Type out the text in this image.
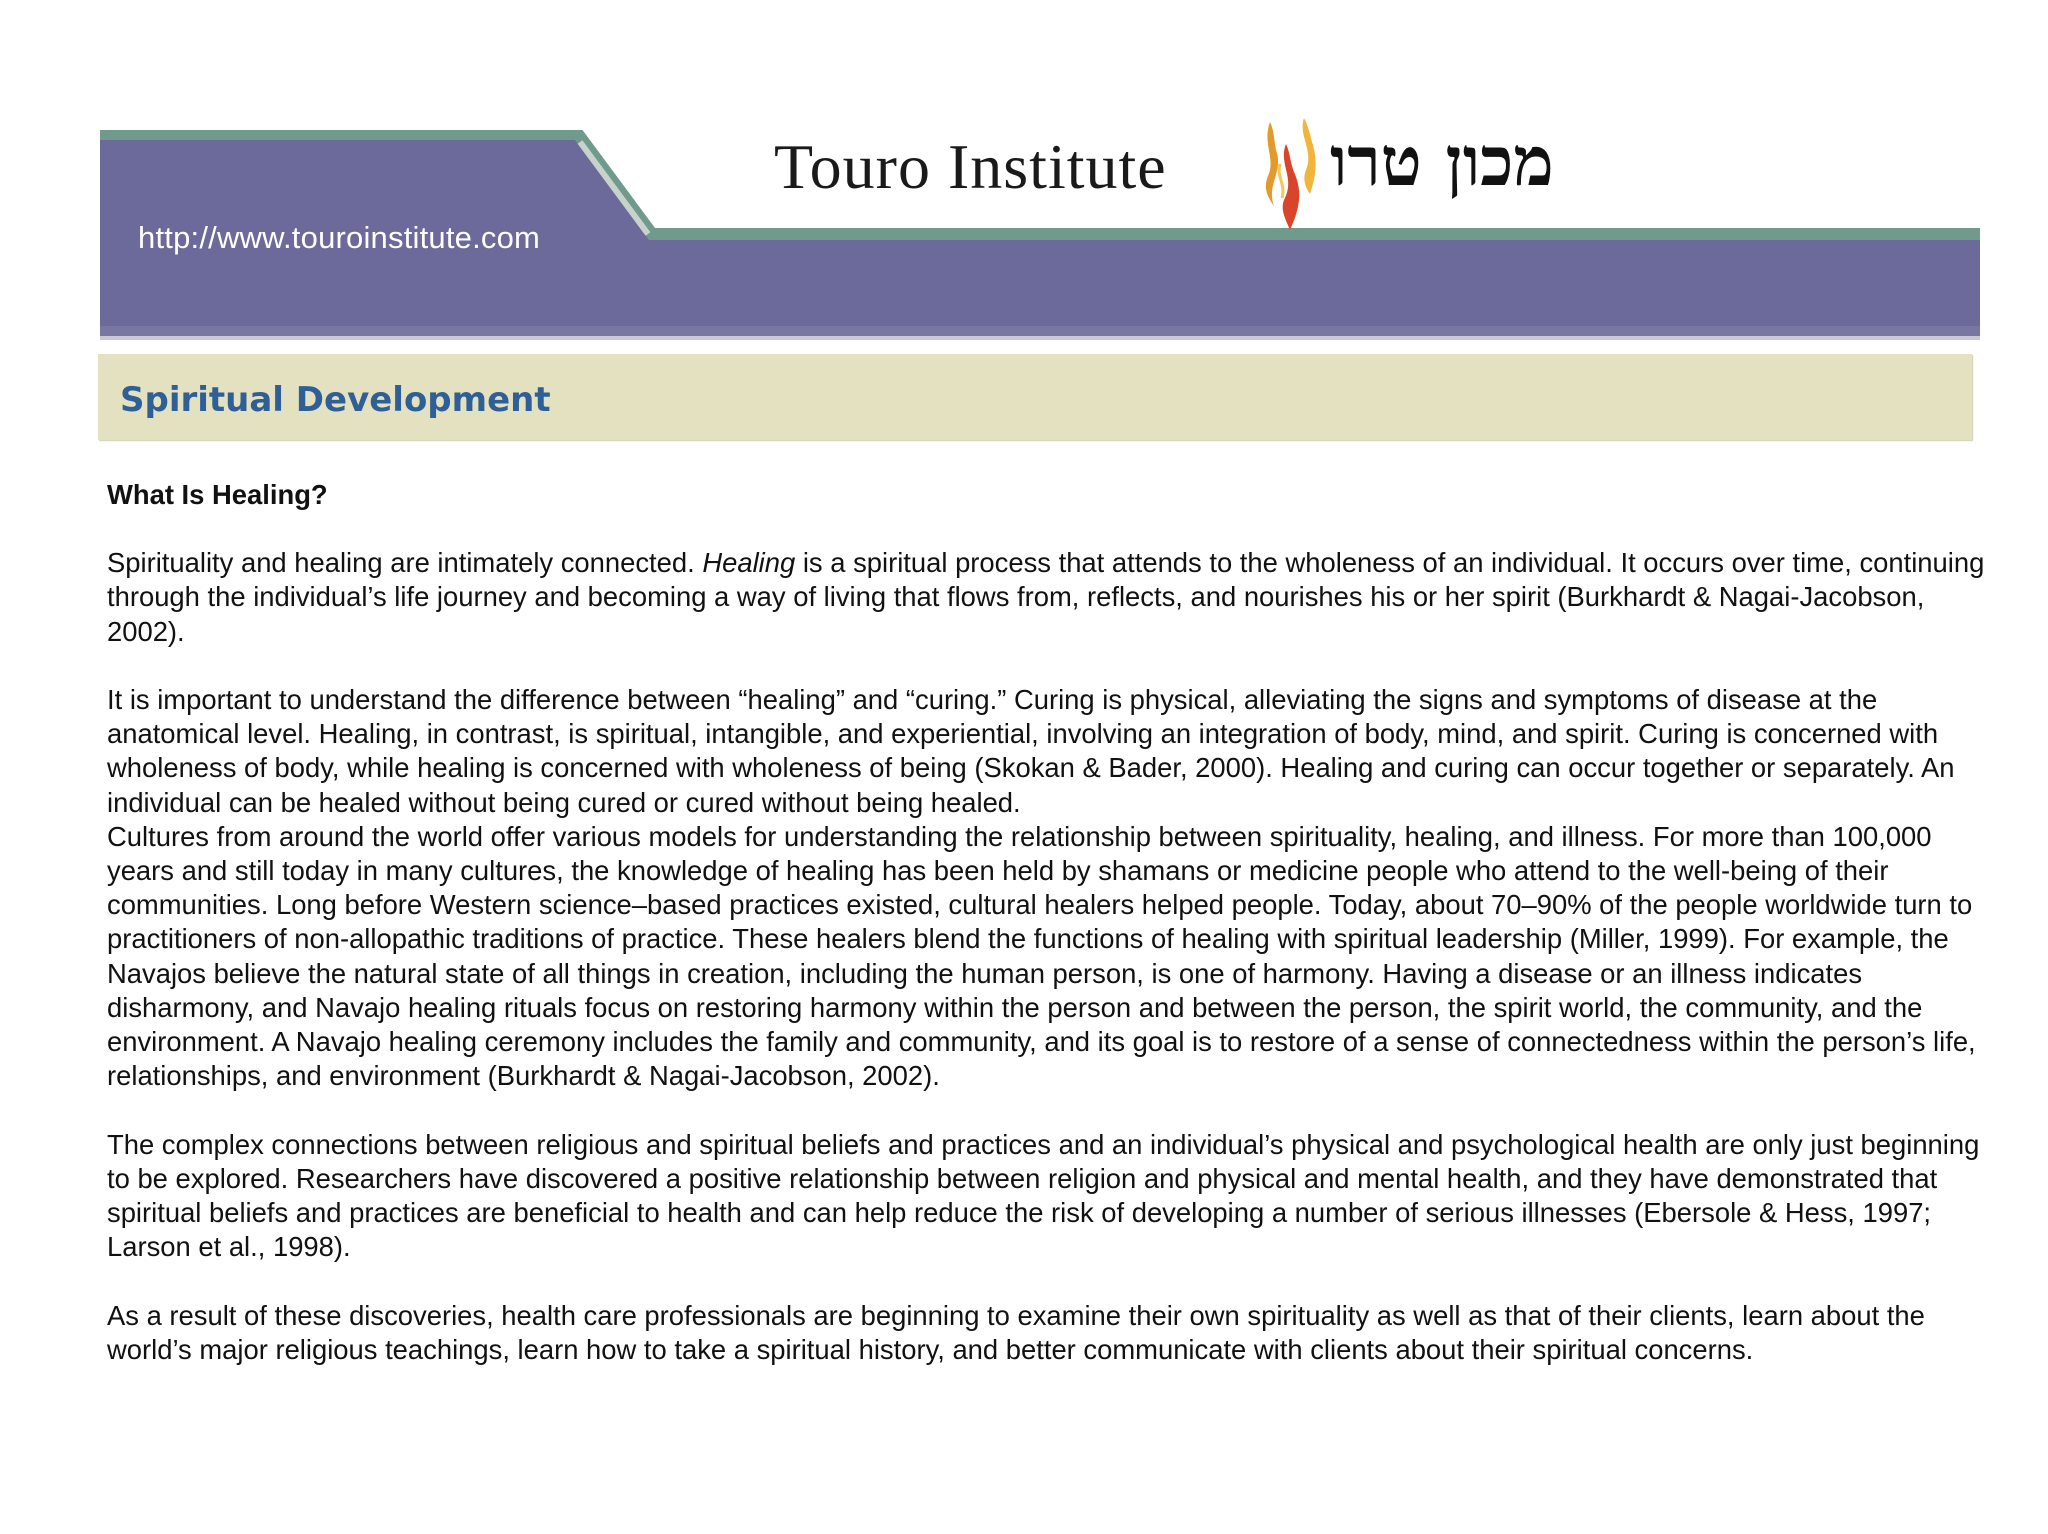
http://www.touroinstitute.com
Touro Institute מכון טרו
Spiritual Development
What Is Healing?

Spirituality and healing are intimately connected. Healing is a spiritual process that attends to the wholeness of an individual. It occurs over time, continuing through the individual’s life journey and becoming a way of living that flows from, reflects, and nourishes his or her spirit (Burkhardt & Nagai-Jacobson, 2002).

It is important to understand the difference between “healing” and “curing.” Curing is physical, alleviating the signs and symptoms of disease at the anatomical level. Healing, in contrast, is spiritual, intangible, and experiential, involving an integration of body, mind, and spirit. Curing is concerned with wholeness of body, while healing is concerned with wholeness of being (Skokan & Bader, 2000). Healing and curing can occur together or separately. An individual can be healed without being cured or cured without being healed.

Cultures from around the world offer various models for understanding the relationship between spirituality, healing, and illness. For more than 100,000 years and still today in many cultures, the knowledge of healing has been held by shamans or medicine people who attend to the well-being of their communities. Long before Western science–based practices existed, cultural healers helped people. Today, about 70–90% of the people worldwide turn to practitioners of non-allopathic traditions of practice. These healers blend the functions of healing with spiritual leadership (Miller, 1999). For example, the Navajos believe the natural state of all things in creation, including the human person, is one of harmony. Having a disease or an illness indicates disharmony, and Navajo healing rituals focus on restoring harmony within the person and between the person, the spirit world, the community, and the environment. A Navajo healing ceremony includes the family and community, and its goal is to restore of a sense of connectedness within the person’s life, relationships, and environment (Burkhardt & Nagai-Jacobson, 2002).

The complex connections between religious and spiritual beliefs and practices and an individual’s physical and psychological health are only just beginning to be explored. Researchers have discovered a positive relationship between religion and physical and mental health, and they have demonstrated that spiritual beliefs and practices are beneficial to health and can help reduce the risk of developing a number of serious illnesses (Ebersole & Hess, 1997; Larson et al., 1998).

As a result of these discoveries, health care professionals are beginning to examine their own spirituality as well as that of their clients, learn about the world’s major religious teachings, learn how to take a spiritual history, and better communicate with clients about their spiritual concerns.
